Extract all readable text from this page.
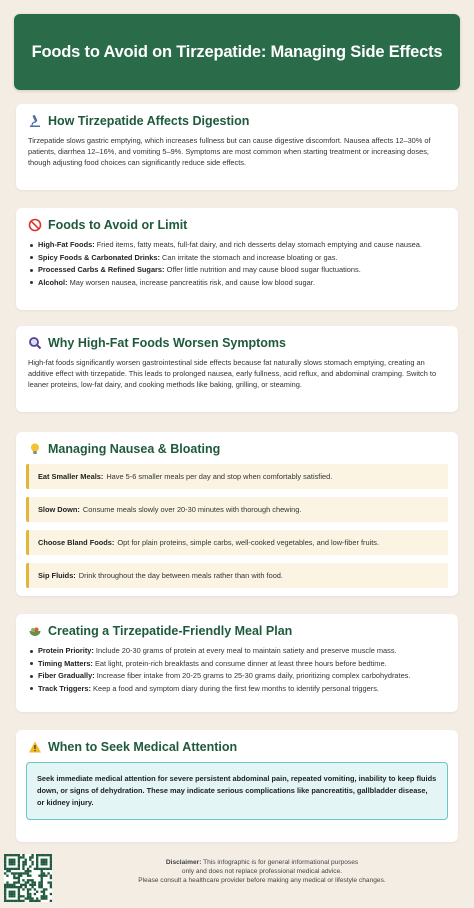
Foods to Avoid on Tirzepatide: Managing Side Effects
How Tirzepatide Affects Digestion

Tirzepatide slows gastric emptying, which increases fullness but can cause digestive discomfort. Nausea affects 12–30% of patients, diarrhea 12–16%, and vomiting 5–9%. Symptoms are most common when starting treatment or increasing doses, though adjusting food choices can significantly reduce side effects.

Foods to Avoid or Limit
High-Fat Foods: Fried items, fatty meats, full-fat dairy, and rich desserts delay stomach emptying and cause nausea.
Spicy Foods & Carbonated Drinks: Can irritate the stomach and increase bloating or gas.
Processed Carbs & Refined Sugars: Offer little nutrition and may cause blood sugar fluctuations.
Alcohol: May worsen nausea, increase pancreatitis risk, and cause low blood sugar.
Why High-Fat Foods Worsen Symptoms

High-fat foods significantly worsen gastrointestinal side effects because fat naturally slows stomach emptying, creating an additive effect with tirzepatide. This leads to prolonged nausea, early fullness, acid reflux, and abdominal cramping. Switch to leaner proteins, low-fat dairy, and cooking methods like baking, grilling, or steaming.

Managing Nausea & Bloating
Eat Smaller Meals: Have 5-6 smaller meals per day and stop when comfortably satisfied.
Slow Down: Consume meals slowly over 20-30 minutes with thorough chewing.
Choose Bland Foods: Opt for plain proteins, simple carbs, well-cooked vegetables, and low-fiber fruits.
Sip Fluids: Drink throughout the day between meals rather than with food.
Creating a Tirzepatide-Friendly Meal Plan
Protein Priority: Include 20-30 grams of protein at every meal to maintain satiety and preserve muscle mass.
Timing Matters: Eat light, protein-rich breakfasts and consume dinner at least three hours before bedtime.
Fiber Gradually: Increase fiber intake from 20-25 grams to 25-30 grams daily, prioritizing complex carbohydrates.
Track Triggers: Keep a food and symptom diary during the first few months to identify personal triggers.
When to Seek Medical Attention
Seek immediate medical attention for severe persistent abdominal pain, repeated vomiting, inability to keep fluids down, or signs of dehydration. These may indicate serious complications like pancreatitis, gallbladder disease, or kidney injury.
Disclaimer: This infographic is for general informational purposes
only and does not replace professional medical advice.
Please consult a healthcare provider before making any medical or lifestyle changes.
